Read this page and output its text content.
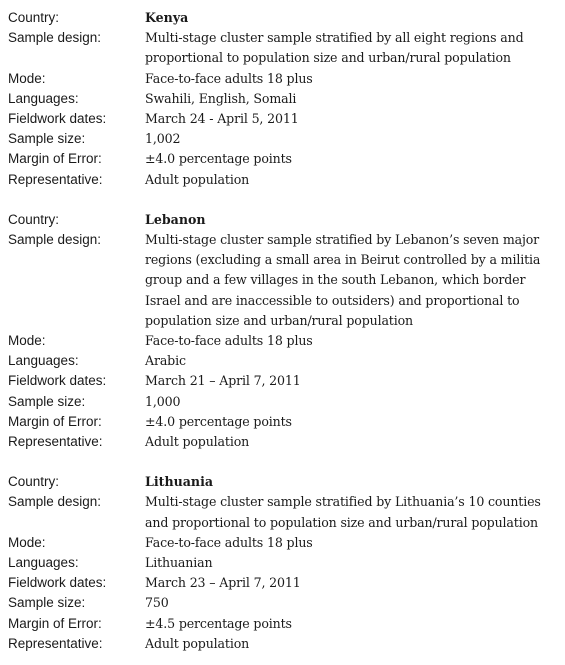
Country:	Kenya
Sample design:	Multi-stage cluster sample stratified by all eight regions and proportional to population size and urban/rural population
Mode:	Face-to-face adults 18 plus
Languages:	Swahili, English, Somali
Fieldwork dates:	March 24 - April 5, 2011
Sample size:	1,002
Margin of Error:	±4.0 percentage points
Representative:	Adult population
Country:	Lebanon
Sample design:	Multi-stage cluster sample stratified by Lebanon’s seven major regions (excluding a small area in Beirut controlled by a militia group and a few villages in the south Lebanon, which border Israel and are inaccessible to outsiders) and proportional to population size and urban/rural population
Mode:	Face-to-face adults 18 plus
Languages:	Arabic
Fieldwork dates:	March 21 – April 7, 2011
Sample size:	1,000
Margin of Error:	±4.0 percentage points
Representative:	Adult population
Country:	Lithuania
Sample design:	Multi-stage cluster sample stratified by Lithuania’s 10 counties and proportional to population size and urban/rural population
Mode:	Face-to-face adults 18 plus
Languages:	Lithuanian
Fieldwork dates:	March 23 – April 7, 2011
Sample size:	750
Margin of Error:	±4.5 percentage points
Representative:	Adult population
